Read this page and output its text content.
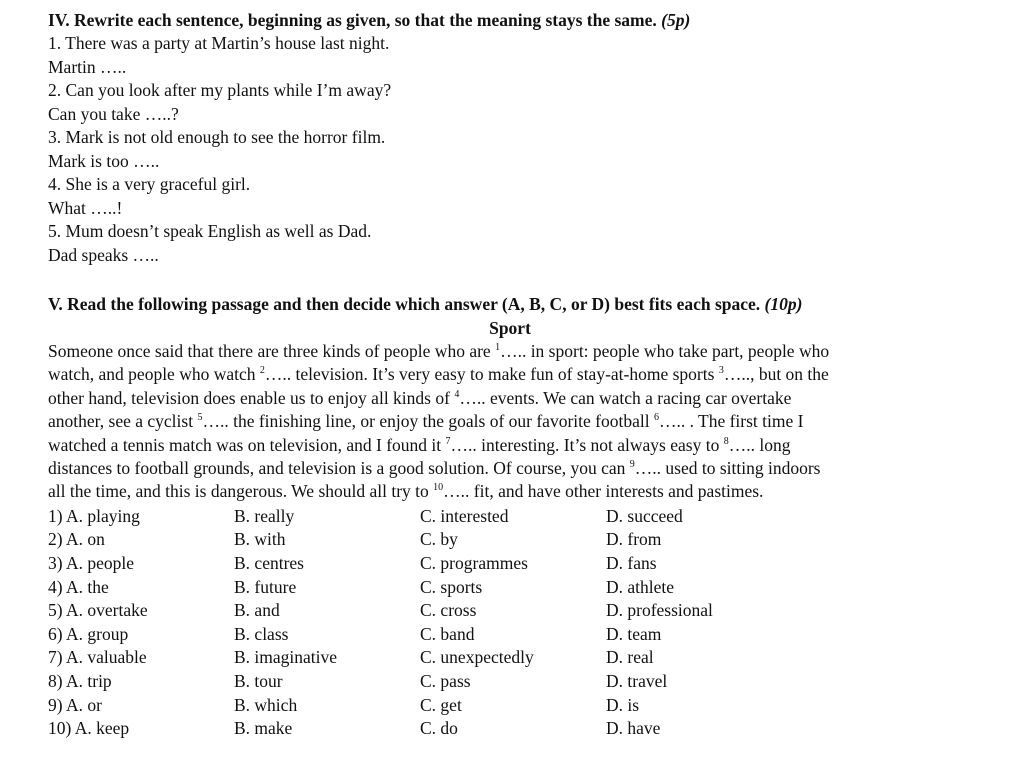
IV. Rewrite each sentence, beginning as given, so that the meaning stays the same. (5p)
1. There was a party at Martin’s house last night.
Martin …..
2. Can you look after my plants while I’m away?
Can you take …..?
3. Mark is not old enough to see the horror film.
Mark is too …..
4. She is a very graceful girl.
What …..!
5. Mum doesn’t speak English as well as Dad.
Dad speaks …..
V. Read the following passage and then decide which answer (A, B, C, or D) best fits each space. (10p)
Sport
Someone once said that there are three kinds of people who are $^1$….. in sport: people who take part, people who
watch, and people who watch $^2$….. television. It’s very easy to make fun of stay-at-home sports $^3$….., but on the
other hand, television does enable us to enjoy all kinds of $^4$….. events. We can watch a racing car overtake
another, see a cyclist $^5$….. the finishing line, or enjoy the goals of our favorite football $^6$….. . The first time I
watched a tennis match was on television, and I found it $^7$….. interesting. It’s not always easy to $^8$….. long
distances to football grounds, and television is a good solution. Of course, you can $^9$….. used to sitting indoors
all the time, and this is dangerous. We should all try to $^{10}$….. fit, and have other interests and pastimes.
1) A. playing	B. really	C. interested	D. succeed
2) A. on	B. with	C. by	D. from
3) A. people	B. centres	C. programmes	D. fans
4) A. the	B. future	C. sports	D. athlete
5) A. overtake	B. and	C. cross	D. professional
6) A. group	B. class	C. band	D. team
7) A. valuable	B. imaginative	C. unexpectedly	D. real
8) A. trip	B. tour	C. pass	D. travel
9) A. or	B. which	C. get	D. is
10) A. keep	B. make	C. do	D. have
